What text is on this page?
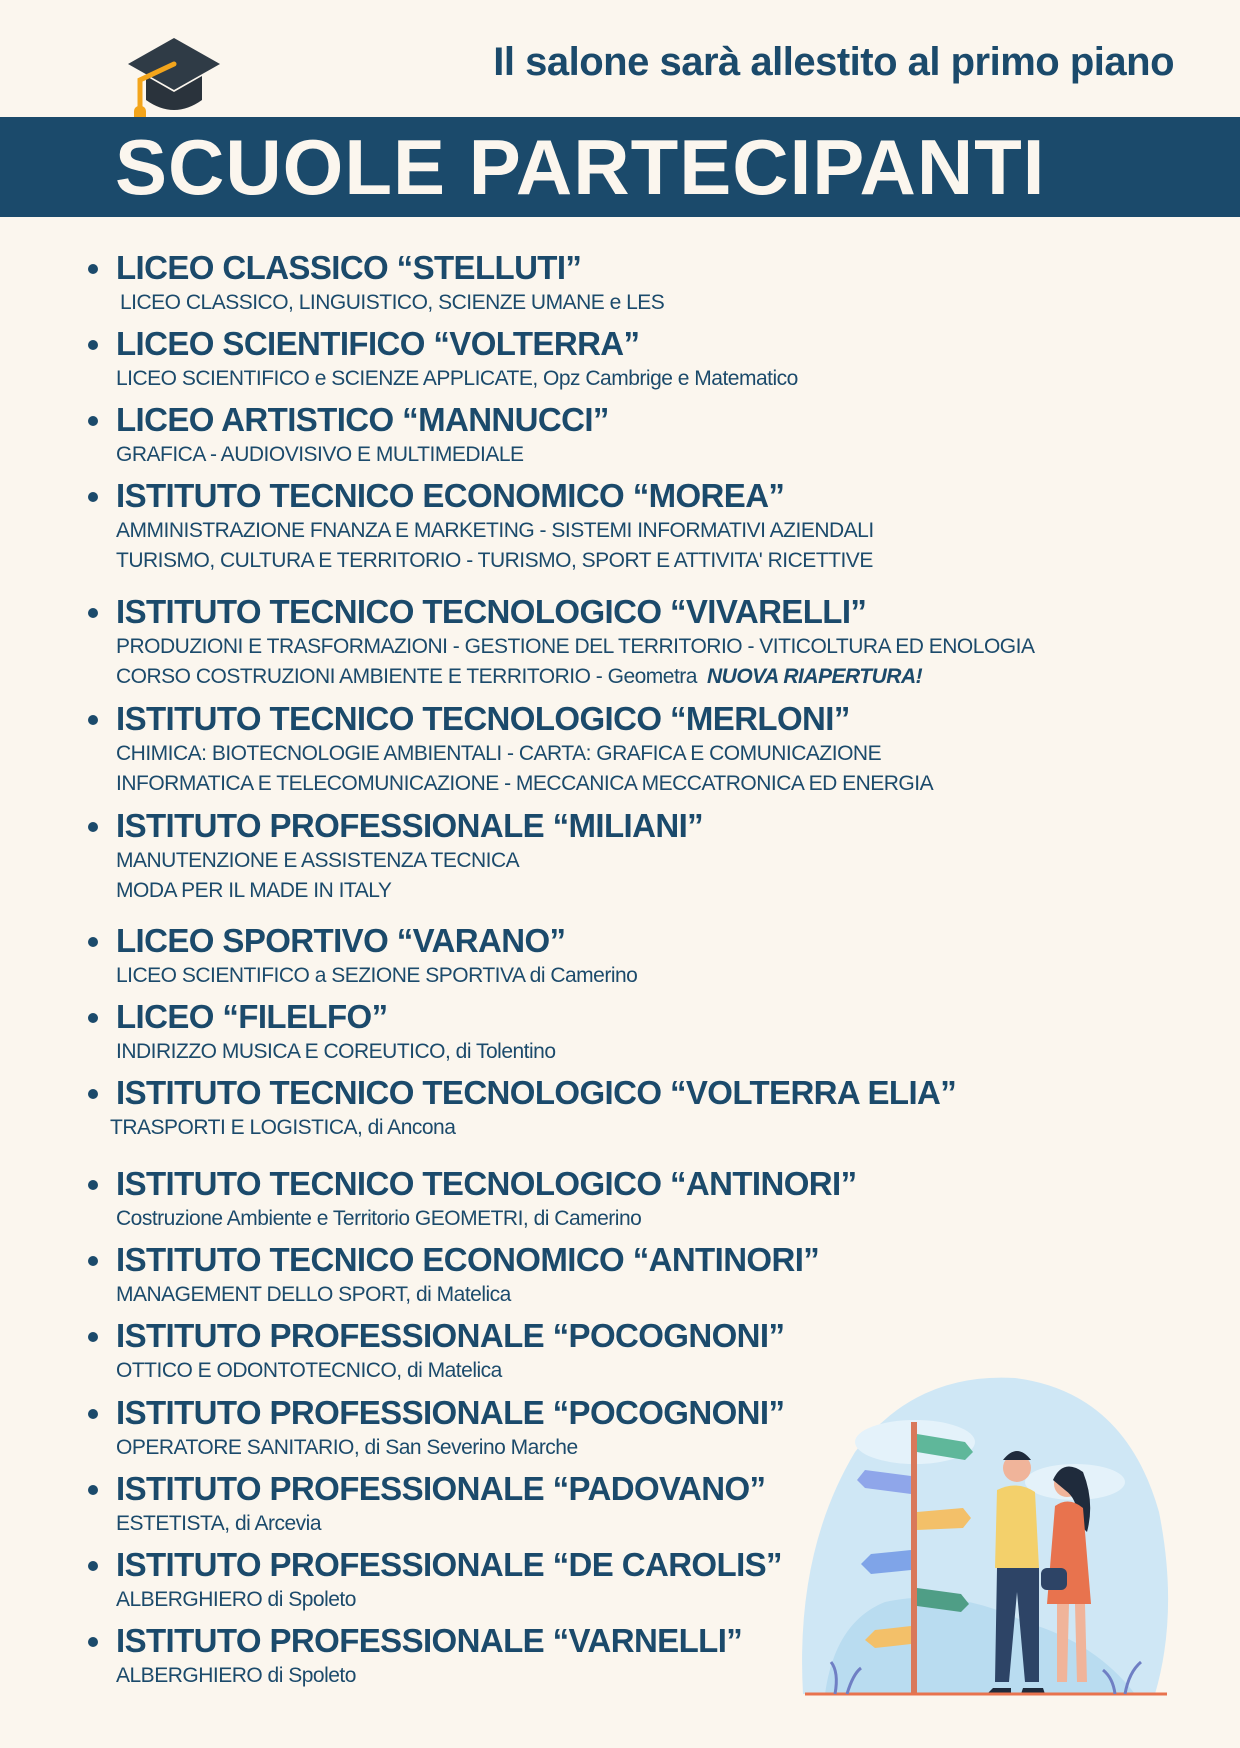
Il salone sarà allestito al primo piano

SCUOLE PARTECIPANTI
LICEO CLASSICO “STELLUTI”
LICEO CLASSICO, LINGUISTICO, SCIENZE UMANE e LES
LICEO SCIENTIFICO “VOLTERRA”
LICEO SCIENTIFICO e SCIENZE APPLICATE, Opz Cambrige e Matematico
LICEO ARTISTICO “MANNUCCI”
GRAFICA - AUDIOVISIVO E MULTIMEDIALE
ISTITUTO TECNICO ECONOMICO “MOREA”
AMMINISTRAZIONE FNANZA E MARKETING - SISTEMI INFORMATIVI AZIENDALI
TURISMO, CULTURA E TERRITORIO - TURISMO, SPORT E ATTIVITA' RICETTIVE
ISTITUTO TECNICO TECNOLOGICO “VIVARELLI”
PRODUZIONI E TRASFORMAZIONI - GESTIONE DEL TERRITORIO - VITICOLTURA ED ENOLOGIA
CORSO COSTRUZIONI AMBIENTE E TERRITORIO - Geometra NUOVA RIAPERTURA!
ISTITUTO TECNICO TECNOLOGICO “MERLONI”
CHIMICA: BIOTECNOLOGIE AMBIENTALI - CARTA: GRAFICA E COMUNICAZIONE
INFORMATICA E TELECOMUNICAZIONE - MECCANICA MECCATRONICA ED ENERGIA
ISTITUTO PROFESSIONALE “MILIANI”
MANUTENZIONE E ASSISTENZA TECNICA
MODA PER IL MADE IN ITALY
LICEO SPORTIVO “VARANO”
LICEO SCIENTIFICO a SEZIONE SPORTIVA di Camerino
LICEO “FILELFO”
INDIRIZZO MUSICA E COREUTICO, di Tolentino
ISTITUTO TECNICO TECNOLOGICO “VOLTERRA ELIA”
TRASPORTI E LOGISTICA, di Ancona
ISTITUTO TECNICO TECNOLOGICO “ANTINORI”
Costruzione Ambiente e Territorio GEOMETRI, di Camerino
ISTITUTO TECNICO ECONOMICO “ANTINORI”
MANAGEMENT DELLO SPORT, di Matelica
ISTITUTO PROFESSIONALE “POCOGNONI”
OTTICO E ODONTOTECNICO, di Matelica
ISTITUTO PROFESSIONALE “POCOGNONI”
OPERATORE SANITARIO, di San Severino Marche
ISTITUTO PROFESSIONALE “PADOVANO”
ESTETISTA, di Arcevia
ISTITUTO PROFESSIONALE “DE CAROLIS”
ALBERGHIERO di Spoleto
ISTITUTO PROFESSIONALE “VARNELLI”
ALBERGHIERO di Spoleto
